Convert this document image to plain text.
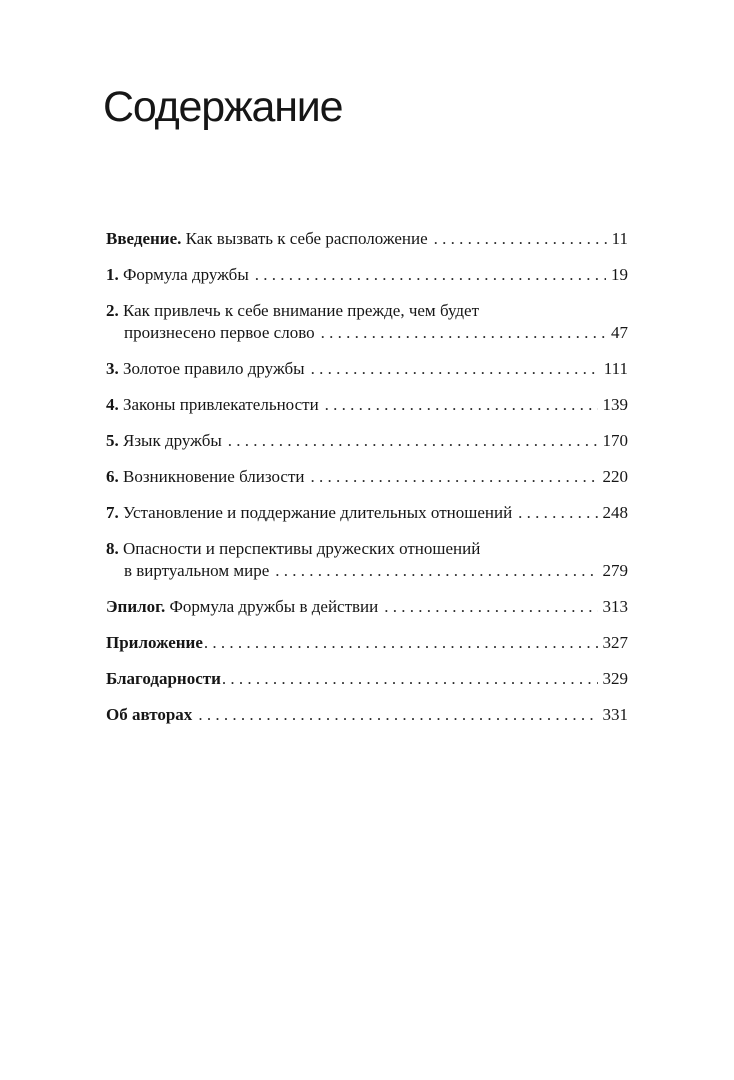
Содержание
Введение. Как вызвать к себе расположение . . .	11
1. Формула дружбы . . .	19
2. Как привлечь к себе внимание прежде, чем будет
произнесено первое слово . . .	47
3. Золотое правило дружбы . . .	111
4. Законы привлекательности . . .	139
5. Язык дружбы . . .	170
6. Возникновение близости . . .	220
7. Установление и поддержание длительных отношений . . .	248
8. Опасности и перспективы дружеских отношений
в виртуальном мире . . .	279
Эпилог. Формула дружбы в действии . . .	313
Приложение . . .	327
Благодарности . . .	329
Об авторах . . .	331
